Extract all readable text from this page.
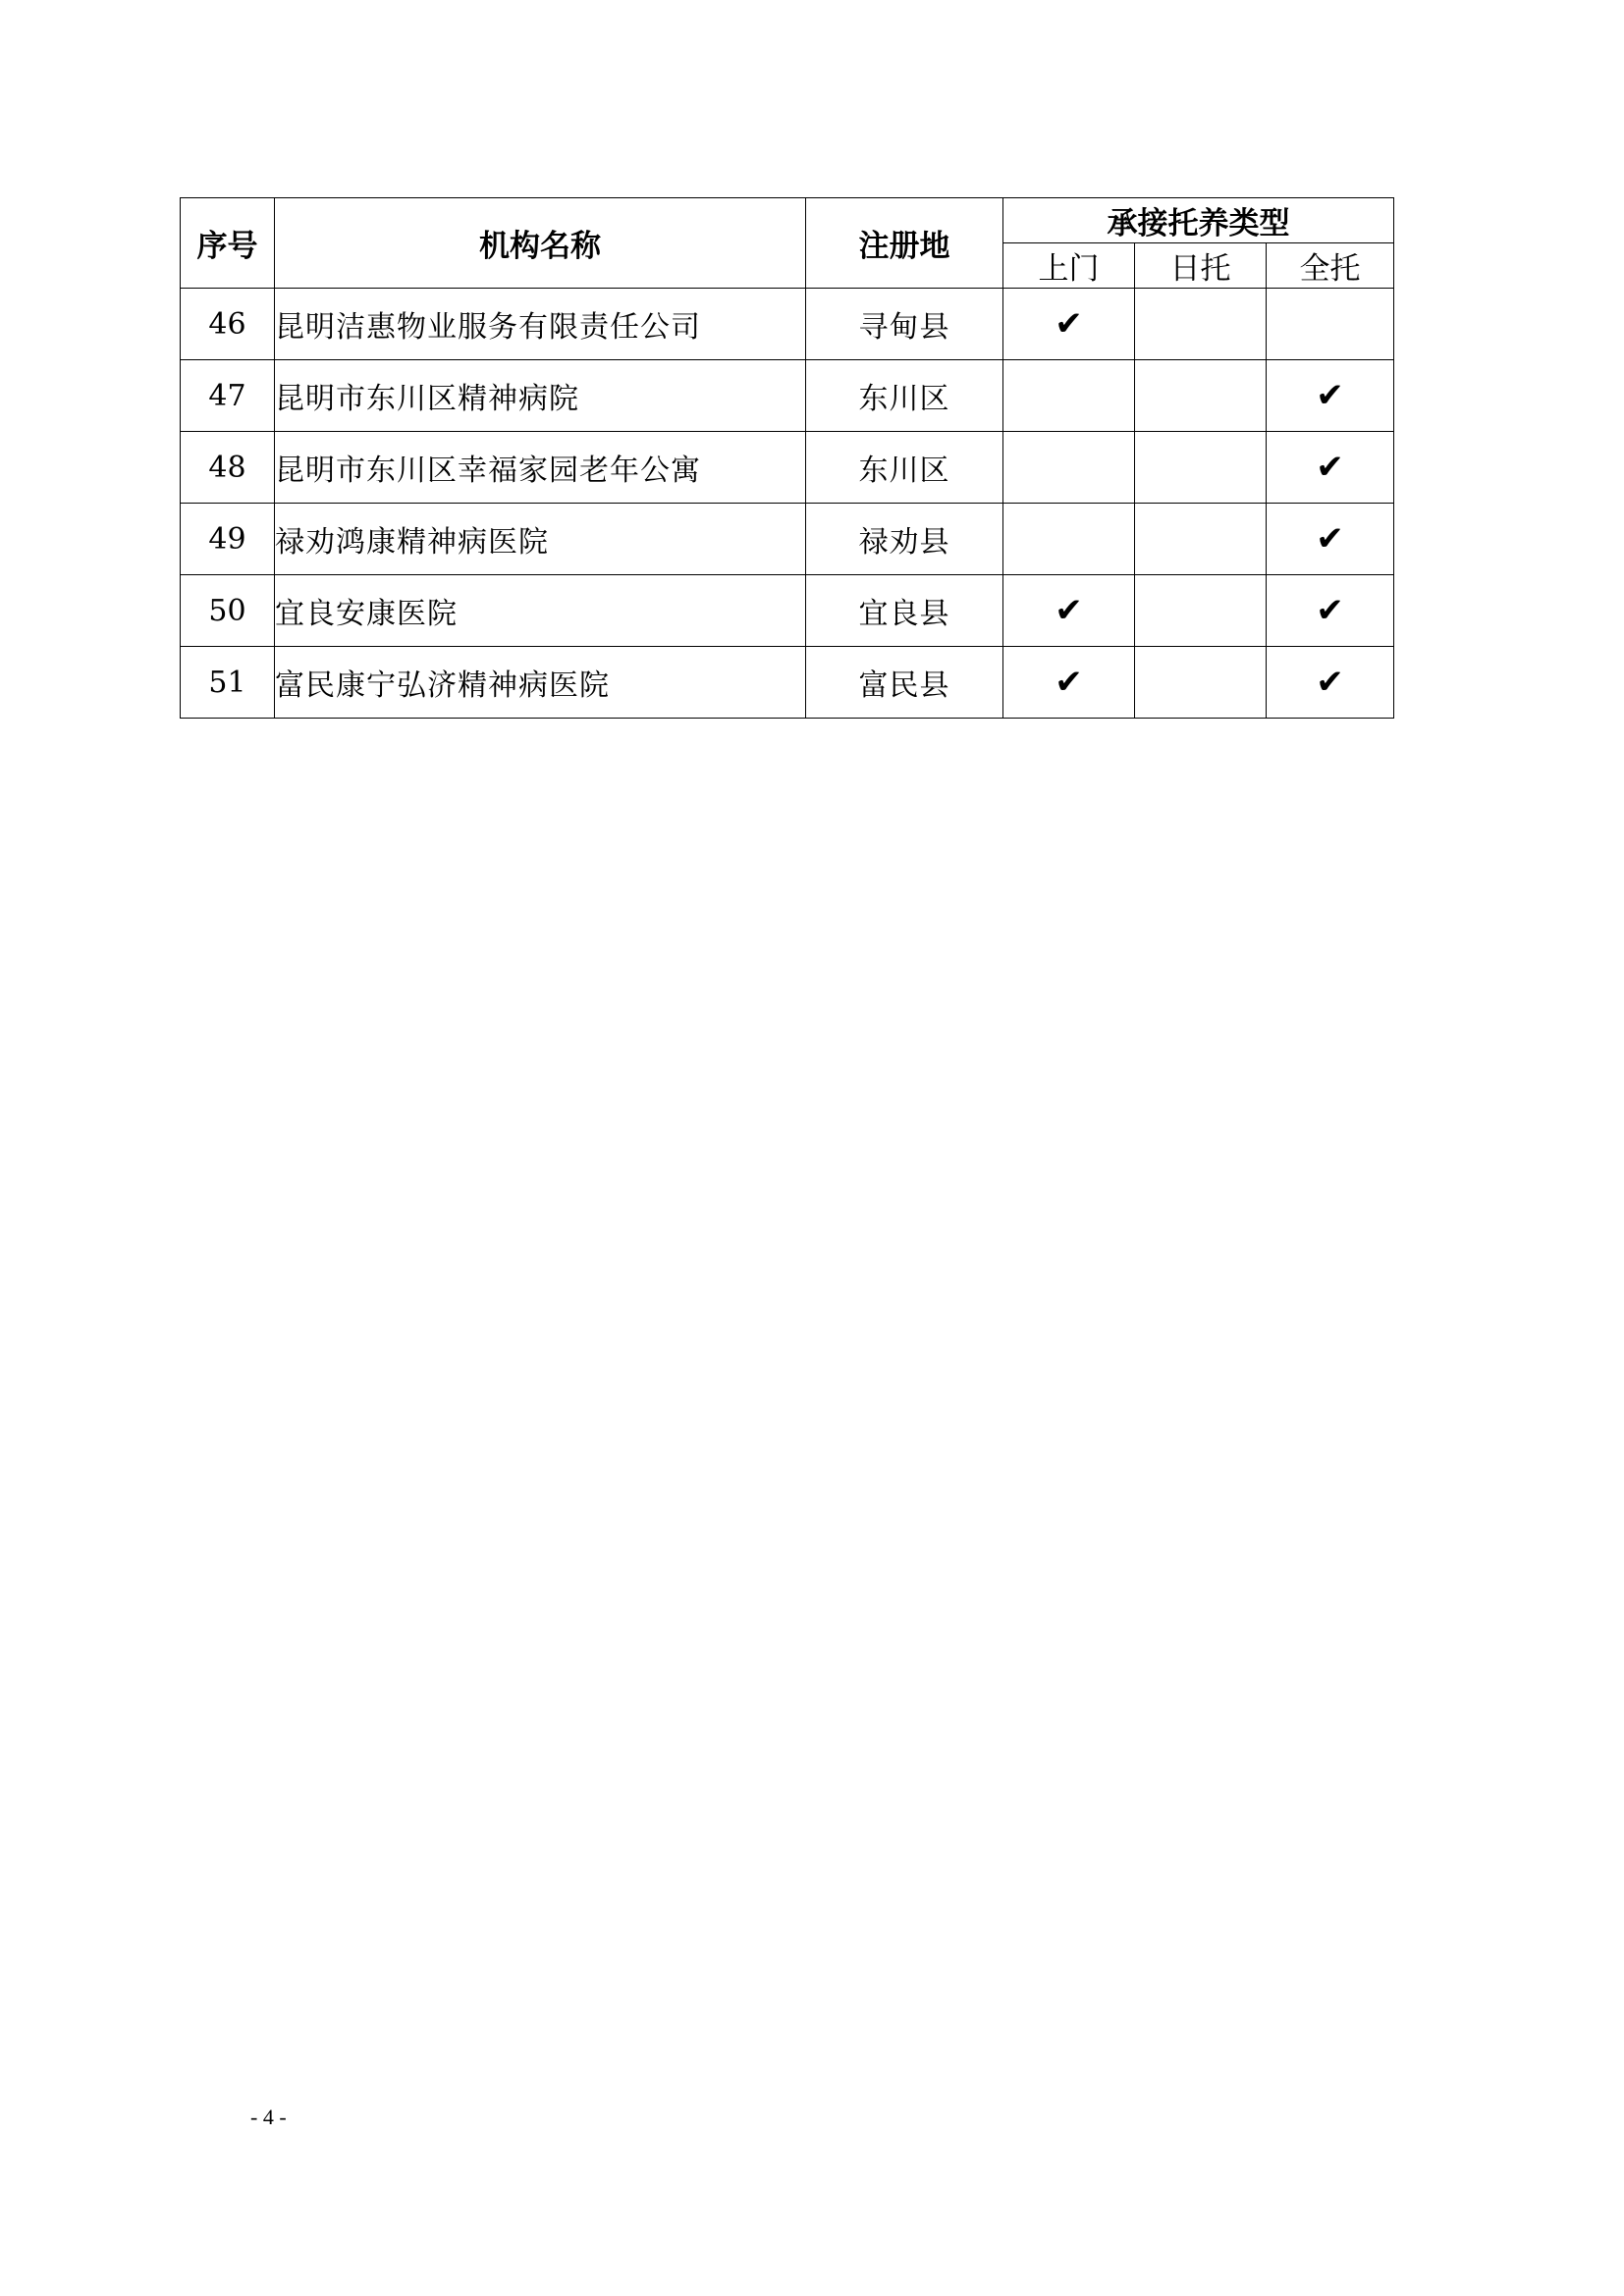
序号	机构名称	注册地	承接托养类型		
			上门	日托	全托
46	昆明洁惠物业服务有限责任公司	寻甸县	✔		
47	昆明市东川区精神病院	东川区			✔
48	昆明市东川区幸福家园老年公寓	东川区			✔
49	禄劝鸿康精神病医院	禄劝县			✔
50	宜良安康医院	宜良县	✔		✔
51	富民康宁弘济精神病医院	富民县	✔		✔
- 4 -
